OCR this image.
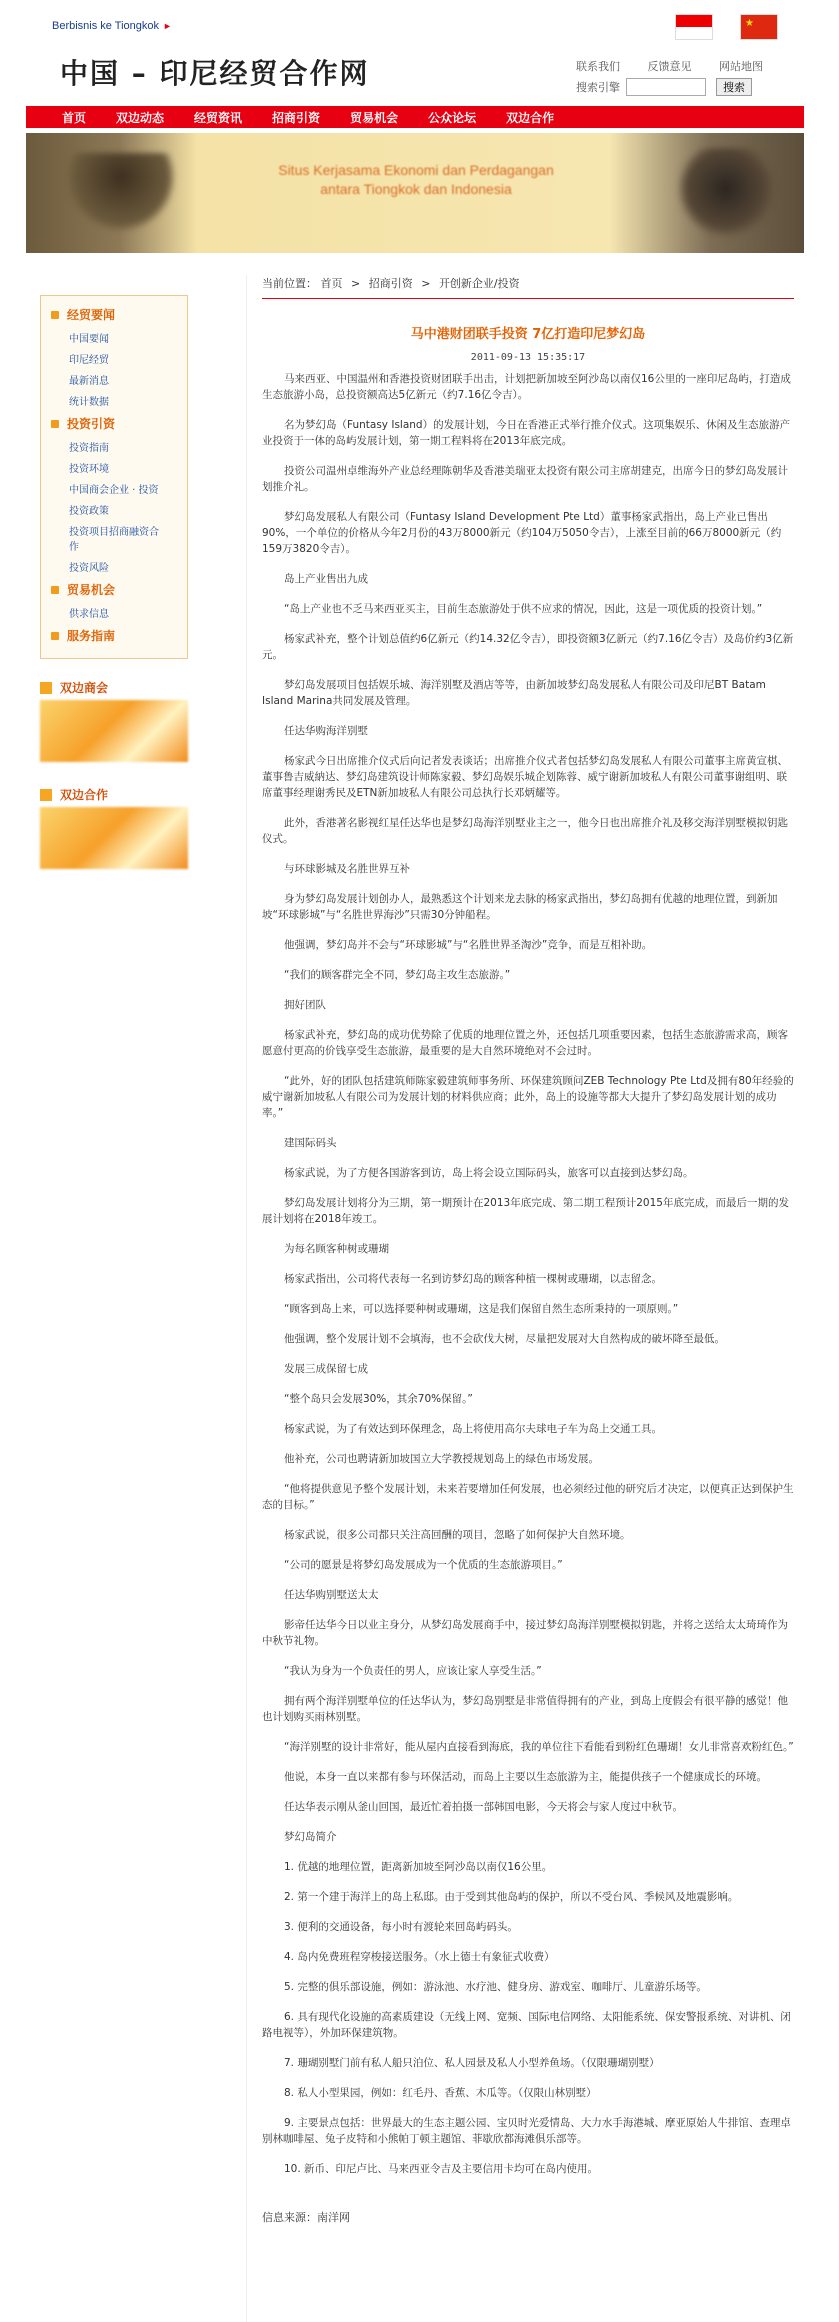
Berbisnis ke Tiongkok ►	★
中国 – 印尼经贸合作网	联系我们	反馈意见	网站地图
搜索引擎	搜索
首页	双边动态	经贸资讯	招商引资	贸易机会	公众论坛	双边合作
Situs Kerjasama Ekonomi dan Perdagangan antara Tiongkok dan Indonesia
经贸要闻
中国要闻
印尼经贸
最新消息
统计数据
投资引资
投资指南
投资环境
中国商会企业 · 投资
投资政策
投资项目招商融资合作
投资风险
贸易机会
供求信息
服务指南
双边商会
双边合作
当前位置： 首页 > 招商引资 > 开创新企业/投资
马中港财团联手投资 7亿打造印尼梦幻岛
2011-09-13 15:35:17

马来西亚、中国温州和香港投资财团联手出击，计划把新加坡至阿沙岛以南仅16公里的一座印尼岛屿，打造成生态旅游小岛，总投资额高达5亿新元（约7.16亿令吉）。

名为梦幻岛（Funtasy Island）的发展计划，今日在香港正式举行推介仪式。这项集娱乐、休闲及生态旅游产业投资于一体的岛屿发展计划，第一期工程料将在2013年底完成。

投资公司温州卓维海外产业总经理陈朝华及香港美瑞亚太投资有限公司主席胡建克，出席今日的梦幻岛发展计划推介礼。

梦幻岛发展私人有限公司（Funtasy Island Development Pte Ltd）董事杨家武指出，岛上产业已售出90%，一个单位的价格从今年2月份的43万8000新元（约104万5050令吉），上涨至目前的66万8000新元（约159万3820令吉）。

岛上产业售出九成

“岛上产业也不乏马来西亚买主，目前生态旅游处于供不应求的情况，因此，这是一项优质的投资计划。”

杨家武补充，整个计划总值约6亿新元（约14.32亿令吉），即投资额3亿新元（约7.16亿令吉）及岛价约3亿新元。

梦幻岛发展项目包括娱乐城、海洋别墅及酒店等等，由新加坡梦幻岛发展私人有限公司及印尼BT Batam Island Marina共同发展及管理。

任达华购海洋别墅

杨家武今日出席推介仪式后向记者发表谈话；出席推介仪式者包括梦幻岛发展私人有限公司董事主席黄宣棋、董事鲁吉威納达、梦幻岛建筑设计师陈家毅、梦幻岛娱乐城企划陈蓉、威宁谢新加坡私人有限公司董事谢组明、联席董事经理谢秀民及ETN新加坡私人有限公司总执行长邓炳耀等。

此外，香港著名影视红星任达华也是梦幻岛海洋别墅业主之一，他今日也出席推介礼及移交海洋别墅模拟钥匙仪式。

与环球影城及名胜世界互补

身为梦幻岛发展计划创办人，最熟悉这个计划来龙去脉的杨家武指出，梦幻岛拥有优越的地理位置，到新加坡“环球影城”与“名胜世界海沙”只需30分钟船程。

他强调，梦幻岛并不会与“环球影城”与“名胜世界圣淘沙”竞争，而是互相补助。

“我们的顾客群完全不同，梦幻岛主攻生态旅游。”

拥好团队

杨家武补充，梦幻岛的成功优势除了优质的地理位置之外，还包括几项重要因素，包括生态旅游需求高，顾客愿意付更高的价钱享受生态旅游，最重要的是大自然环境绝对不会过时。

“此外，好的团队包括建筑师陈家毅建筑师事务所、环保建筑顾问ZEB Technology Pte Ltd及拥有80年经验的威宁谢新加坡私人有限公司为发展计划的材料供应商；此外，岛上的设施等都大大提升了梦幻岛发展计划的成功率。”

建国际码头

杨家武说，为了方便各国游客到访，岛上将会设立国际码头，旅客可以直接到达梦幻岛。

梦幻岛发展计划将分为三期，第一期预计在2013年底完成、第二期工程预计2015年底完成，而最后一期的发展计划将在2018年竣工。

为每名顾客种树或珊瑚

杨家武指出，公司将代表每一名到访梦幻岛的顾客种植一棵树或珊瑚，以志留念。

“顾客到岛上来，可以选择要种树或珊瑚，这是我们保留自然生态所秉持的一项原则。”

他强调，整个发展计划不会填海，也不会砍伐大树，尽量把发展对大自然构成的破坏降至最低。

发展三成保留七成

“整个岛只会发展30%，其余70%保留。”

杨家武说，为了有效达到环保理念，岛上将使用高尔夫球电子车为岛上交通工具。

他补充，公司也聘请新加坡国立大学教授规划岛上的绿色市场发展。

“他将提供意见予整个发展计划，未来若要增加任何发展，也必须经过他的研究后才决定，以便真正达到保护生态的目标。”

杨家武说，很多公司都只关注高回酬的项目，忽略了如何保护大自然环境。

“公司的愿景是将梦幻岛发展成为一个优质的生态旅游项目。”

任达华购别墅送太太

影帝任达华今日以业主身分，从梦幻岛发展商手中，接过梦幻岛海洋别墅模拟钥匙，并将之送给太太琦琦作为中秋节礼物。

“我认为身为一个负责任的男人，应该让家人享受生活。”

拥有两个海洋别墅单位的任达华认为，梦幻岛别墅是非常值得拥有的产业，到岛上度假会有很平静的感觉！他也计划购买雨林别墅。

“海洋别墅的设计非常好，能从屋内直接看到海底，我的单位往下看能看到粉红色珊瑚！女儿非常喜欢粉红色。”

他说，本身一直以来都有参与环保活动，而岛上主要以生态旅游为主，能提供孩子一个健康成长的环境。

任达华表示刚从釜山回国，最近忙着拍摄一部韩国电影，今天将会与家人度过中秋节。

梦幻岛简介

1. 优越的地理位置，距离新加坡至阿沙岛以南仅16公里。

2. 第一个建于海洋上的岛上私邸。由于受到其他岛屿的保护，所以不受台风、季候风及地震影响。

3. 便利的交通设备，每小时有渡轮来回岛屿码头。

4. 岛内免费班程穿梭接送服务。（水上德士有象征式收费）

5. 完整的俱乐部设施，例如：游泳池、水疗池、健身房、游戏室、咖啡厅、儿童游乐场等。

6. 具有现代化设施的高素质建设（无线上网、宽频、国际电信网络、太阳能系统、保安警报系统、对讲机、闭路电视等），外加环保建筑物。

7. 珊瑚别墅门前有私人船只泊位、私人园景及私人小型养鱼场。（仅限珊瑚别墅）

8. 私人小型果园，例如：红毛丹、香蕉、木瓜等。（仅限山林别墅）

9. 主要景点包括：世界最大的生态主题公园、宝贝时光爱情岛、大力水手海港城、摩亚原始人牛排馆、查理卓别林咖啡屋、兔子皮特和小熊帕丁顿主题馆、菲歇欣都海滩俱乐部等。

10. 新币、印尼卢比、马来西亚令吉及主要信用卡均可在岛内使用。

信息来源：南洋网
